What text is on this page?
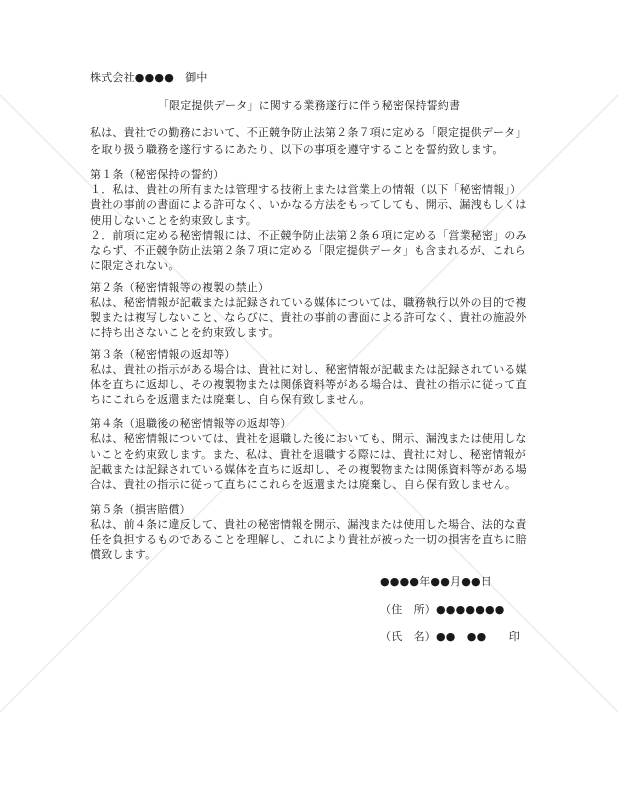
株式会社●●●●　御中
「限定提供データ」に関する業務遂行に伴う秘密保持誓約書
私は、貴社での勤務において、不正競争防止法第２条７項に定める「限定提供データ」
を取り扱う職務を遂行するにあたり、以下の事項を遵守することを誓約致します。
第１条（秘密保持の誓約）
１．私は、貴社の所有または管理する技術上または営業上の情報（以下「秘密情報」）
貴社の事前の書面による許可なく、いかなる方法をもってしても、開示、漏洩もしくは
使用しないことを約束致します。
２．前項に定める秘密情報には、不正競争防止法第２条６項に定める「営業秘密」のみ
ならず、不正競争防止法第２条７項に定める「限定提供データ」も含まれるが、これら
に限定されない。
第２条（秘密情報等の複製の禁止）
私は、秘密情報が記載または記録されている媒体については、職務執行以外の目的で複
製または複写しないこと、ならびに、貴社の事前の書面による許可なく、貴社の施設外
に持ち出さないことを約束致します。
第３条（秘密情報の返却等）
私は、貴社の指示がある場合は、貴社に対し、秘密情報が記載または記録されている媒
体を直ちに返却し、その複製物または関係資料等がある場合は、貴社の指示に従って直
ちにこれらを返還または廃棄し、自ら保有致しません。
第４条（退職後の秘密情報等の返却等）
私は、秘密情報については、貴社を退職した後においても、開示、漏洩または使用しな
いことを約束致します。また、私は、貴社を退職する際には、貴社に対し、秘密情報が
記載または記録されている媒体を直ちに返却し、その複製物または関係資料等がある場
合は、貴社の指示に従って直ちにこれらを返還または廃棄し、自ら保有致しません。
第５条（損害賠償）
私は、前４条に違反して、貴社の秘密情報を開示、漏洩または使用した場合、法的な責
任を負担するものであることを理解し、これにより貴社が被った一切の損害を直ちに賠
償致します。
●●●●年●●月●●日
（住　所）●●●●●●●
（氏　名）●●　●●　　印
